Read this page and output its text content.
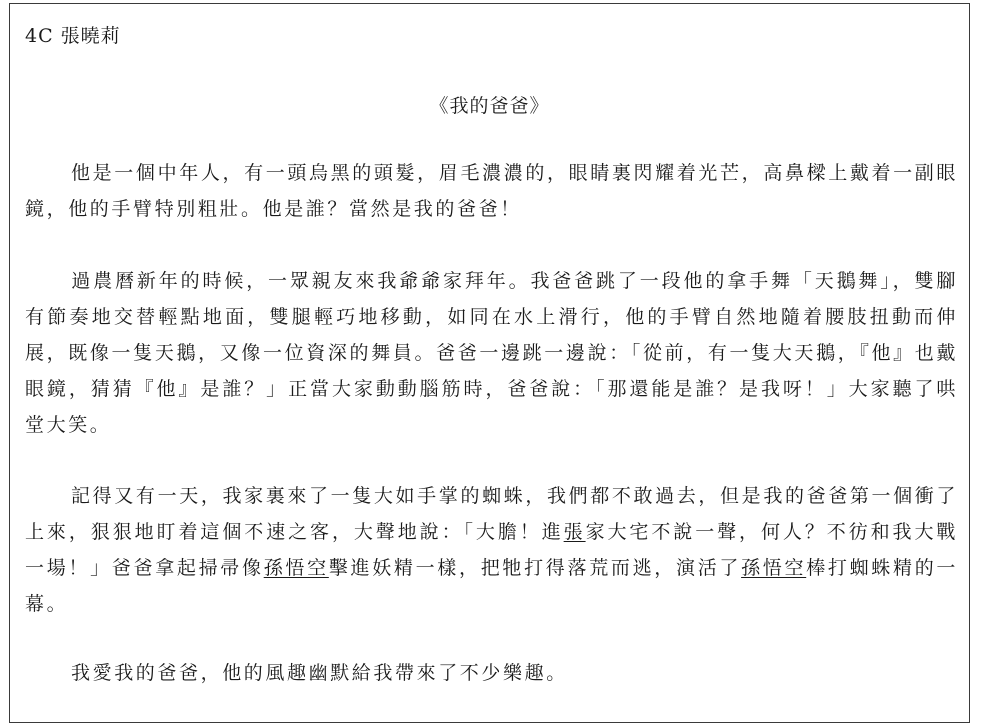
4C 張曉莉
《我的爸爸》

他是一個中年人，有一頭烏黑的頭髮，眉毛濃濃的，眼睛裏閃耀着光芒，高鼻樑上戴着一副眼鏡，他的手臂特別粗壯。他是誰？當然是我的爸爸！

過農曆新年的時候，一眾親友來我爺爺家拜年。我爸爸跳了一段他的拿手舞「天鵝舞」，雙腳有節奏地交替輕點地面，雙腿輕巧地移動，如同在水上滑行，他的手臂自然地隨着腰肢扭動而伸展，既像一隻天鵝，又像一位資深的舞員。爸爸一邊跳一邊說：「從前，有一隻大天鵝，『他』也戴眼鏡，猜猜『他』是誰？」正當大家動動腦筋時，爸爸說：「那還能是誰？是我呀！」大家聽了哄堂大笑。

記得又有一天，我家裏來了一隻大如手掌的蜘蛛，我們都不敢過去，但是我的爸爸第一個衝了上來，狠狠地盯着這個不速之客，大聲地說：「大膽！進張家大宅不說一聲，何人？不彷和我大戰一場！」爸爸拿起掃帚像孫悟空擊進妖精一樣，把牠打得落荒而逃，演活了孫悟空棒打蜘蛛精的一幕。

我愛我的爸爸，他的風趣幽默給我帶來了不少樂趣。
